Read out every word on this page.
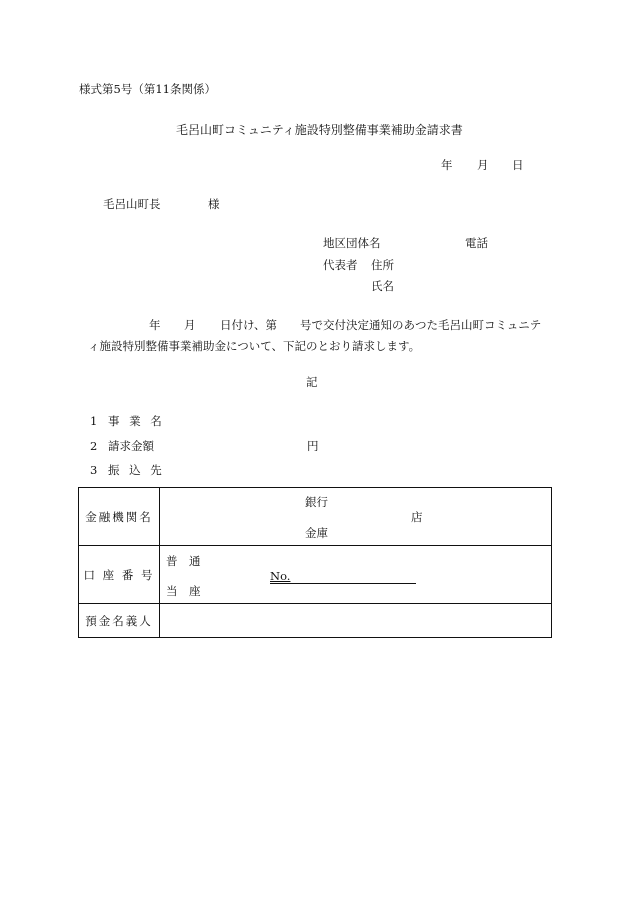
様式第5号（第11条関係）
毛呂山町コミュニティ施設特別整備事業補助金請求書
年 月 日
毛呂山町長	様
地区団体名	電話
代表者 住所
氏名
年 月 日付け、第 号で交付決定通知のあつた毛呂山町コミュニテ
ィ施設特別整備事業補助金について、下記のとおり請求します。
記
1 事 業 名
2 請求金額	円
3 振 込 先
金融機関名	銀行
店
金庫

口 座 番 号	普　通
当　座
No.

預金名義人	
